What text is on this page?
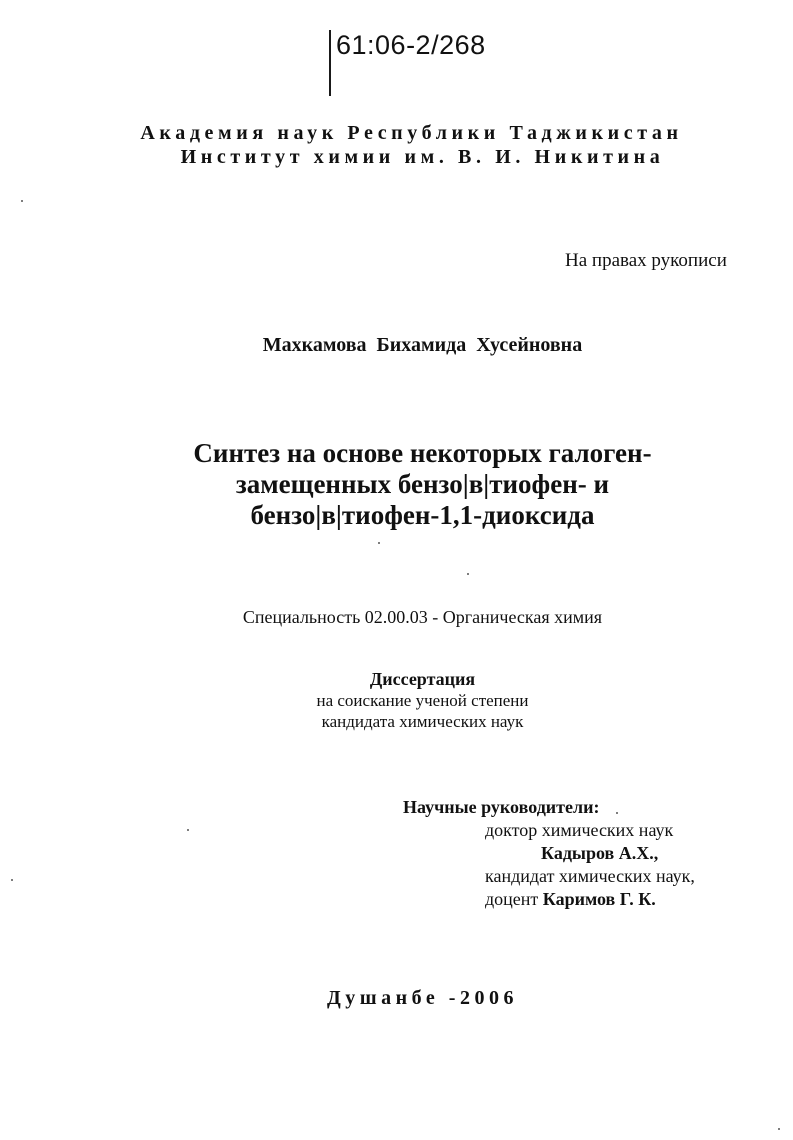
61:06-2/268
Академия наук Республики Таджикистан
Институт химии им. В. И. Никитина
На правах рукописи
Махкамова Бихамида Хусейновна
Синтез на основе некоторых галоген-
замещенных бензо|в|тиофен- и
бензо|в|тиофен-1,1-диоксида
Специальность 02.00.03 - Органическая химия
Диссертация
на соискание ученой степени
кандидата химических наук
Научные руководители:
доктор химических наук
Кадыров А.Х.,
кандидат химических наук,
доцент Каримов Г. К.
Душанбе -2006
